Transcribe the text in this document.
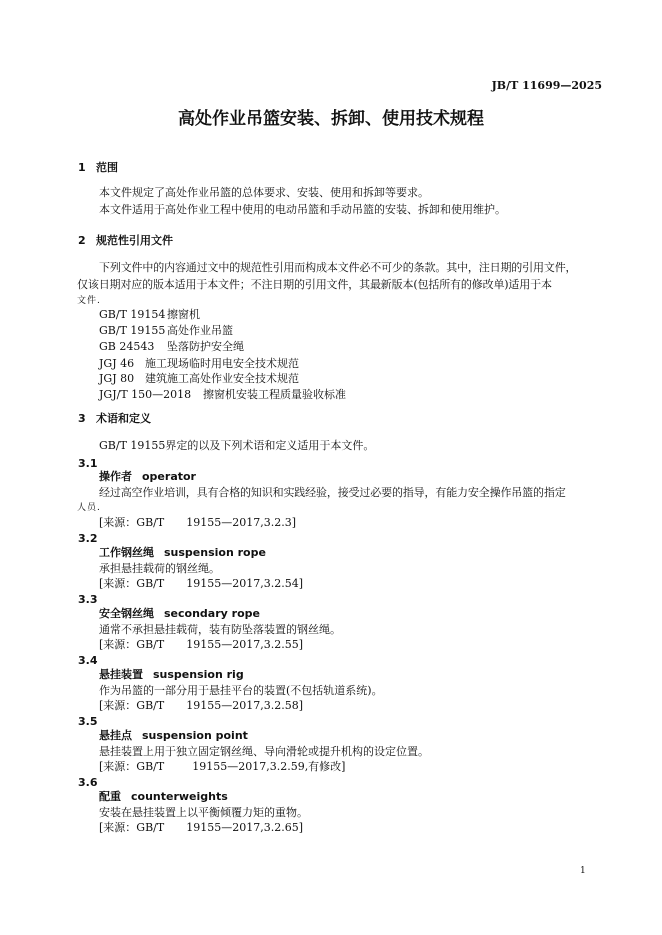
JB/T 11699—2025
高处作业吊篮安装、拆卸、使用技术规程
1 范围
本文件规定了高处作业吊篮的总体要求、安装、使用和拆卸等要求。
本文件适用于高处作业工程中使用的电动吊篮和手动吊篮的安装、拆卸和使用维护。
2 规范性引用文件
下列文件中的内容通过文中的规范性引用而构成本文件必不可少的条款。其中，注日期的引用文件，
仅该日期对应的版本适用于本文件；不注日期的引用文件，其最新版本(包括所有的修改单)适用于本
文件.
GB/T 19154 擦窗机
GB/T 19155 高处作业吊篮
GB 24543 坠落防护安全绳
JGJ 46 施工现场临时用电安全技术规范
JGJ 80 建筑施工高处作业安全技术规范
JGJ/T 150—2018 擦窗机安装工程质量验收标准
3 术语和定义
GB/T 19155界定的以及下列术语和定义适用于本文件。
3.1
操作者 operator
经过高空作业培训，具有合格的知识和实践经验，接受过必要的指导，有能力安全操作吊篮的指定
人员.
[来源：GB/T 19155—2017,3.2.3]
3.2
工作钢丝绳 suspension rope
承担悬挂载荷的钢丝绳。
[来源：GB/T 19155—2017,3.2.54]
3.3
安全钢丝绳 secondary rope
通常不承担悬挂载荷，装有防坠落装置的钢丝绳。
[来源：GB/T 19155—2017,3.2.55]
3.4
悬挂装置 suspension rig
作为吊篮的一部分用于悬挂平台的装置(不包括轨道系统)。
[来源：GB/T 19155—2017,3.2.58]
3.5
悬挂点 suspension point
悬挂装置上用于独立固定钢丝绳、导向滑轮或提升机构的设定位置。
[来源：GB/T	19155—2017,3.2.59,有修改]
3.6
配重 counterweights
安装在悬挂装置上以平衡倾覆力矩的重物。
[来源：GB/T 19155—2017,3.2.65]
1
